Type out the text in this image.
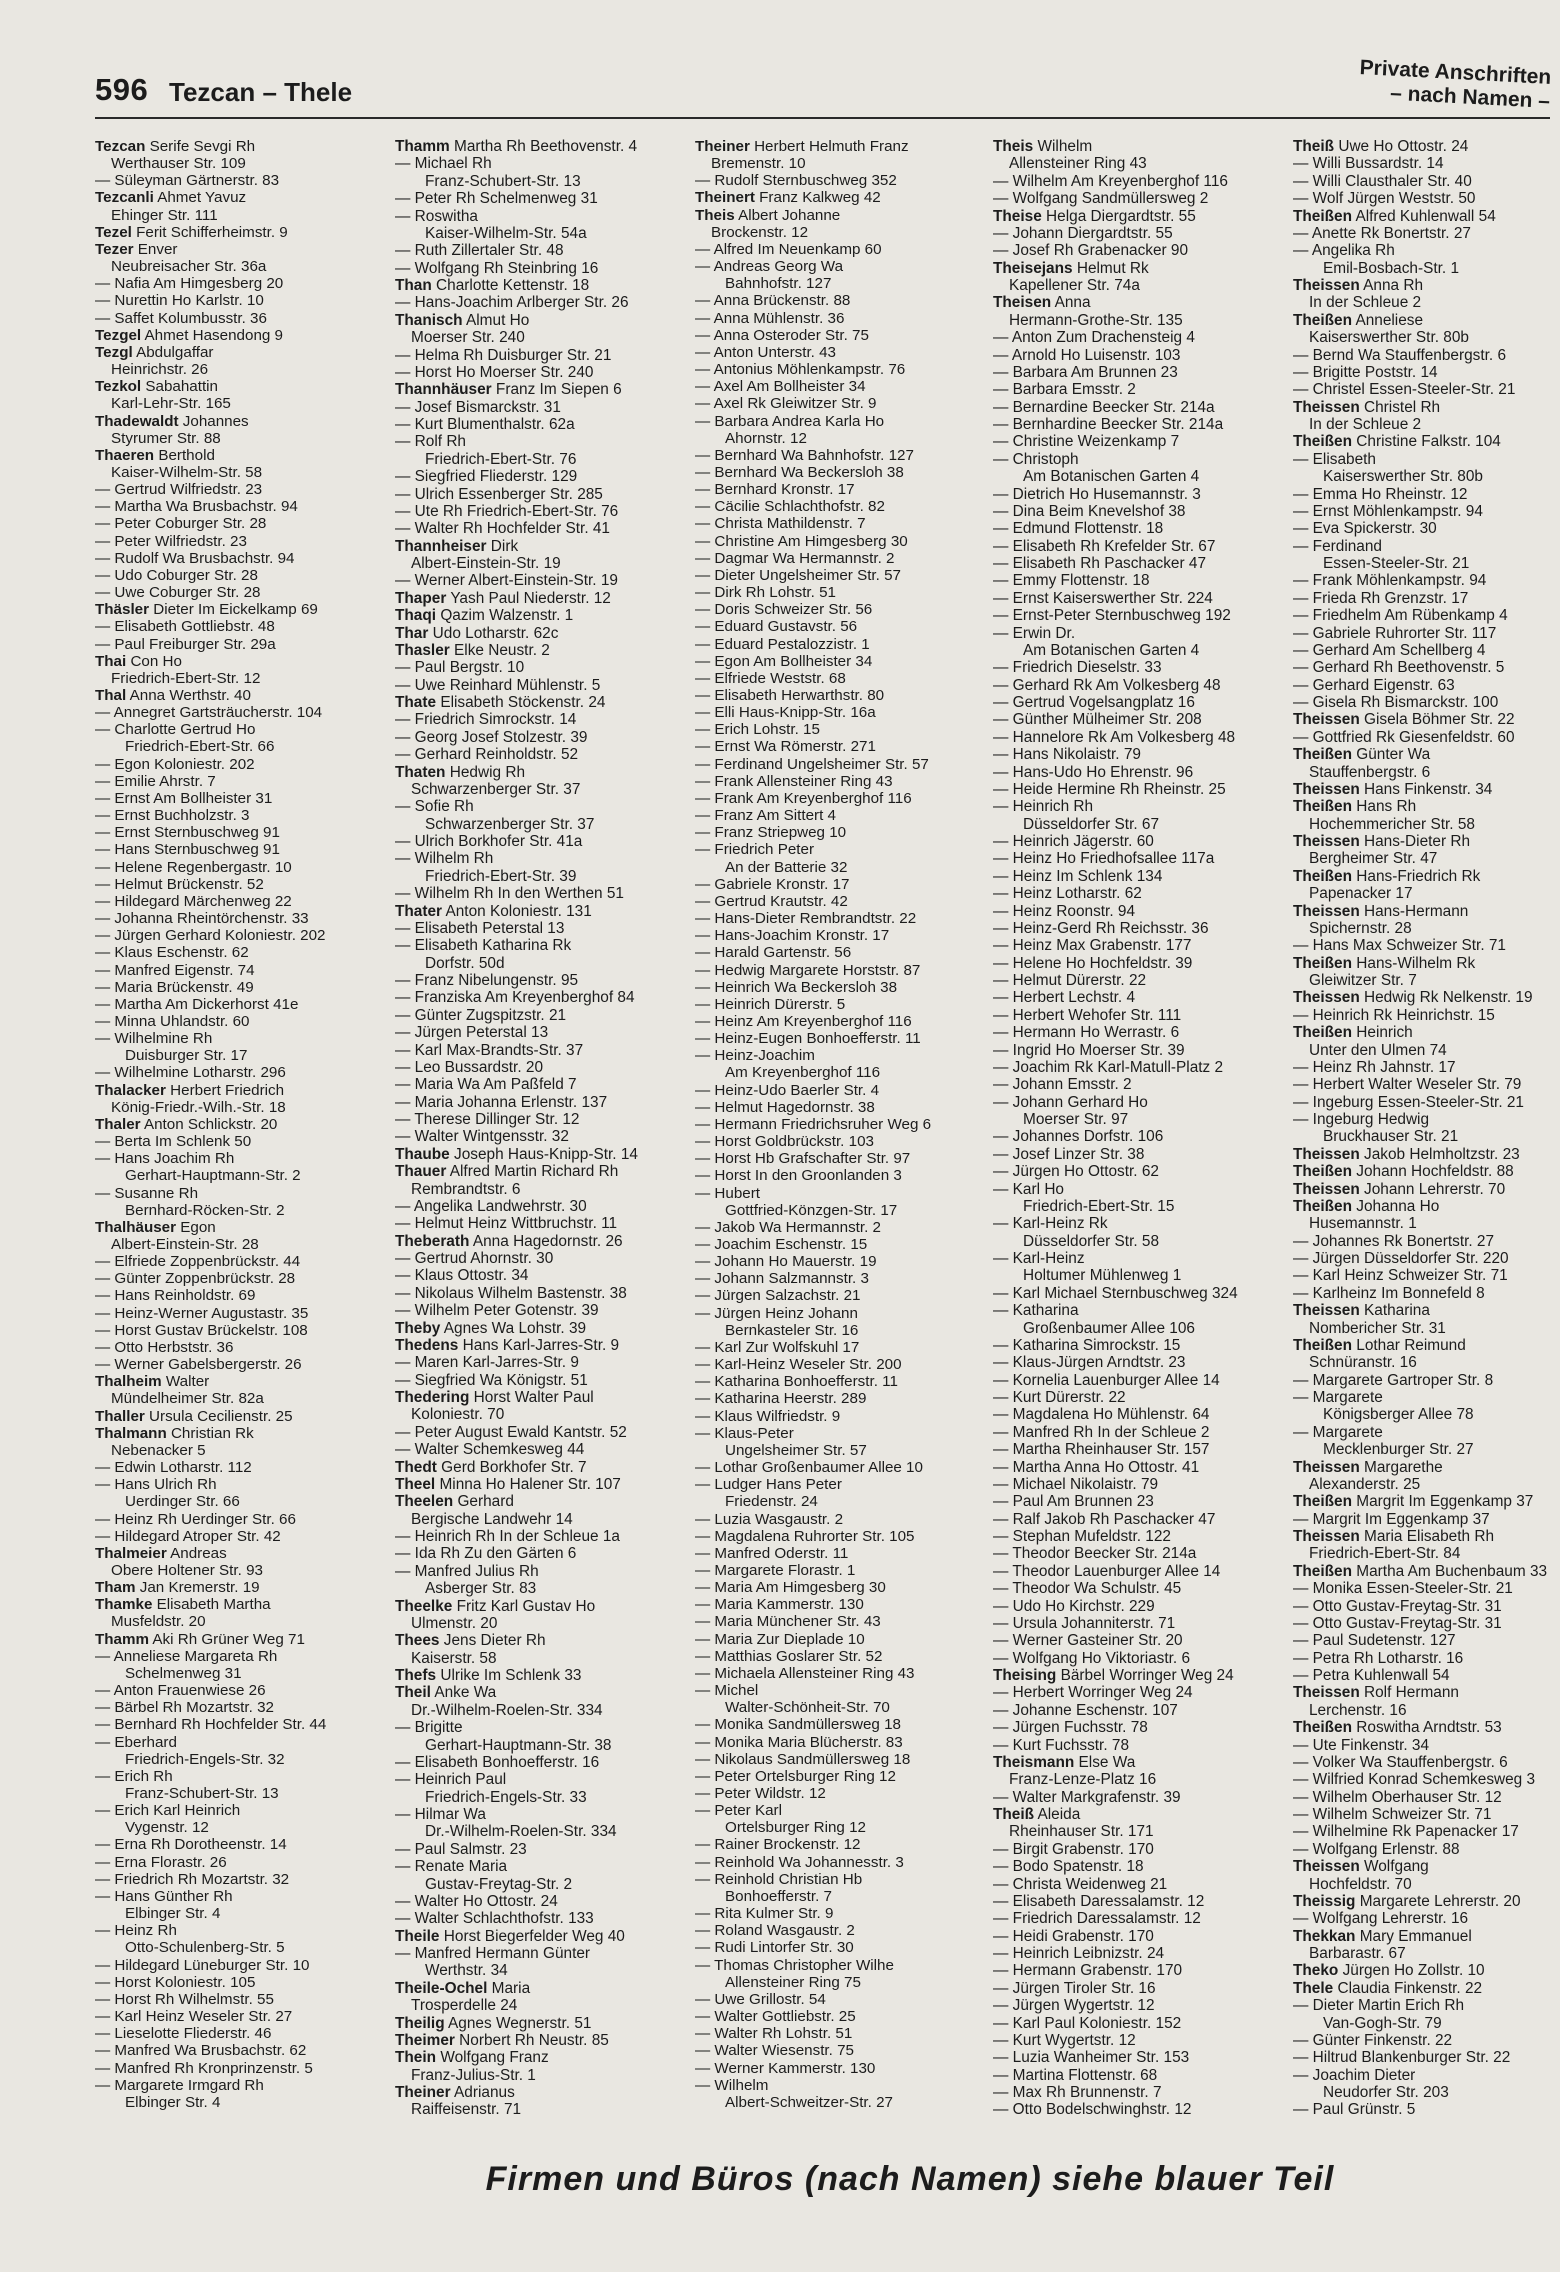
596 Tezcan – Thele
Private Anschriften
– nach Namen –
Tezcan Serife Sevgi Rh
Werthauser Str. 109
— Süleyman Gärtnerstr. 83
Tezcanli Ahmet Yavuz
Ehinger Str. 111
Tezel Ferit Schifferheimstr. 9
Tezer Enver
Neubreisacher Str. 36a
— Nafia Am Himgesberg 20
— Nurettin Ho Karlstr. 10
— Saffet Kolumbusstr. 36
Tezgel Ahmet Hasendong 9
Tezgl Abdulgaffar
Heinrichstr. 26
Tezkol Sabahattin
Karl-Lehr-Str. 165
Thadewaldt Johannes
Styrumer Str. 88
Thaeren Berthold
Kaiser-Wilhelm-Str. 58
— Gertrud Wilfriedstr. 23
— Martha Wa Brusbachstr. 94
— Peter Coburger Str. 28
— Peter Wilfriedstr. 23
— Rudolf Wa Brusbachstr. 94
— Udo Coburger Str. 28
— Uwe Coburger Str. 28
Thäsler Dieter Im Eickelkamp 69
— Elisabeth Gottliebstr. 48
— Paul Freiburger Str. 29a
Thai Con Ho
Friedrich-Ebert-Str. 12
Thal Anna Werthstr. 40
— Annegret Gartsträucherstr. 104
— Charlotte Gertrud Ho
Friedrich-Ebert-Str. 66
— Egon Koloniestr. 202
— Emilie Ahrstr. 7
— Ernst Am Bollheister 31
— Ernst Buchholzstr. 3
— Ernst Sternbuschweg 91
— Hans Sternbuschweg 91
— Helene Regenbergastr. 10
— Helmut Brückenstr. 52
— Hildegard Märchenweg 22
— Johanna Rheintörchenstr. 33
— Jürgen Gerhard Koloniestr. 202
— Klaus Eschenstr. 62
— Manfred Eigenstr. 74
— Maria Brückenstr. 49
— Martha Am Dickerhorst 41e
— Minna Uhlandstr. 60
— Wilhelmine Rh
Duisburger Str. 17
— Wilhelmine Lotharstr. 296
Thalacker Herbert Friedrich
König-Friedr.-Wilh.-Str. 18
Thaler Anton Schlickstr. 20
— Berta Im Schlenk 50
— Hans Joachim Rh
Gerhart-Hauptmann-Str. 2
— Susanne Rh
Bernhard-Röcken-Str. 2
Thalhäuser Egon
Albert-Einstein-Str. 28
— Elfriede Zoppenbrückstr. 44
— Günter Zoppenbrückstr. 28
— Hans Reinholdstr. 69
— Heinz-Werner Augustastr. 35
— Horst Gustav Brückelstr. 108
— Otto Herbststr. 36
— Werner Gabelsbergerstr. 26
Thalheim Walter
Mündelheimer Str. 82a
Thaller Ursula Cecilienstr. 25
Thalmann Christian Rk
Nebenacker 5
— Edwin Lotharstr. 112
— Hans Ulrich Rh
Uerdinger Str. 66
— Heinz Rh Uerdinger Str. 66
— Hildegard Atroper Str. 42
Thalmeier Andreas
Obere Holtener Str. 93
Tham Jan Kremerstr. 19
Thamke Elisabeth Martha
Musfeldstr. 20
Thamm Aki Rh Grüner Weg 71
— Anneliese Margareta Rh
Schelmenweg 31
— Anton Frauenwiese 26
— Bärbel Rh Mozartstr. 32
— Bernhard Rh Hochfelder Str. 44
— Eberhard
Friedrich-Engels-Str. 32
— Erich Rh
Franz-Schubert-Str. 13
— Erich Karl Heinrich
Vygenstr. 12
— Erna Rh Dorotheenstr. 14
— Erna Florastr. 26
— Friedrich Rh Mozartstr. 32
— Hans Günther Rh
Elbinger Str. 4
— Heinz Rh
Otto-Schulenberg-Str. 5
— Hildegard Lüneburger Str. 10
— Horst Koloniestr. 105
— Horst Rh Wilhelmstr. 55
— Karl Heinz Weseler Str. 27
— Lieselotte Fliederstr. 46
— Manfred Wa Brusbachstr. 62
— Manfred Rh Kronprinzenstr. 5
— Margarete Irmgard Rh
Elbinger Str. 4
Thamm Martha Rh Beethovenstr. 4
— Michael Rh
Franz-Schubert-Str. 13
— Peter Rh Schelmenweg 31
— Roswitha
Kaiser-Wilhelm-Str. 54a
— Ruth Zillertaler Str. 48
— Wolfgang Rh Steinbring 16
Than Charlotte Kettenstr. 18
— Hans-Joachim Arlberger Str. 26
Thanisch Almut Ho
Moerser Str. 240
— Helma Rh Duisburger Str. 21
— Horst Ho Moerser Str. 240
Thannhäuser Franz Im Siepen 6
— Josef Bismarckstr. 31
— Kurt Blumenthalstr. 62a
— Rolf Rh
Friedrich-Ebert-Str. 76
— Siegfried Fliederstr. 129
— Ulrich Essenberger Str. 285
— Ute Rh Friedrich-Ebert-Str. 76
— Walter Rh Hochfelder Str. 41
Thannheiser Dirk
Albert-Einstein-Str. 19
— Werner Albert-Einstein-Str. 19
Thaper Yash Paul Niederstr. 12
Thaqi Qazim Walzenstr. 1
Thar Udo Lotharstr. 62c
Thasler Elke Neustr. 2
— Paul Bergstr. 10
— Uwe Reinhard Mühlenstr. 5
Thate Elisabeth Stöckenstr. 24
— Friedrich Simrockstr. 14
— Georg Josef Stolzestr. 39
— Gerhard Reinholdstr. 52
Thaten Hedwig Rh
Schwarzenberger Str. 37
— Sofie Rh
Schwarzenberger Str. 37
— Ulrich Borkhofer Str. 41a
— Wilhelm Rh
Friedrich-Ebert-Str. 39
— Wilhelm Rh In den Werthen 51
Thater Anton Koloniestr. 131
— Elisabeth Peterstal 13
— Elisabeth Katharina Rk
Dorfstr. 50d
— Franz Nibelungenstr. 95
— Franziska Am Kreyenberghof 84
— Günter Zugspitzstr. 21
— Jürgen Peterstal 13
— Karl Max-Brandts-Str. 37
— Leo Bussardstr. 20
— Maria Wa Am Paßfeld 7
— Maria Johanna Erlenstr. 137
— Therese Dillinger Str. 12
— Walter Wintgensstr. 32
Thaube Joseph Haus-Knipp-Str. 14
Thauer Alfred Martin Richard Rh
Rembrandtstr. 6
— Angelika Landwehrstr. 30
— Helmut Heinz Wittbruchstr. 11
Theberath Anna Hagedornstr. 26
— Gertrud Ahornstr. 30
— Klaus Ottostr. 34
— Nikolaus Wilhelm Bastenstr. 38
— Wilhelm Peter Gotenstr. 39
Theby Agnes Wa Lohstr. 39
Thedens Hans Karl-Jarres-Str. 9
— Maren Karl-Jarres-Str. 9
— Siegfried Wa Königstr. 51
Thedering Horst Walter Paul
Koloniestr. 70
— Peter August Ewald Kantstr. 52
— Walter Schemkesweg 44
Thedt Gerd Borkhofer Str. 7
Theel Minna Ho Halener Str. 107
Theelen Gerhard
Bergische Landwehr 14
— Heinrich Rh In der Schleue 1a
— Ida Rh Zu den Gärten 6
— Manfred Julius Rh
Asberger Str. 83
Theelke Fritz Karl Gustav Ho
Ulmenstr. 20
Thees Jens Dieter Rh
Kaiserstr. 58
Thefs Ulrike Im Schlenk 33
Theil Anke Wa
Dr.-Wilhelm-Roelen-Str. 334
— Brigitte
Gerhart-Hauptmann-Str. 38
— Elisabeth Bonhoefferstr. 16
— Heinrich Paul
Friedrich-Engels-Str. 33
— Hilmar Wa
Dr.-Wilhelm-Roelen-Str. 334
— Paul Salmstr. 23
— Renate Maria
Gustav-Freytag-Str. 2
— Walter Ho Ottostr. 24
— Walter Schlachthofstr. 133
Theile Horst Biegerfelder Weg 40
— Manfred Hermann Günter
Werthstr. 34
Theile-Ochel Maria
Trosperdelle 24
Theilig Agnes Wegnerstr. 51
Theimer Norbert Rh Neustr. 85
Thein Wolfgang Franz
Franz-Julius-Str. 1
Theiner Adrianus
Raiffeisenstr. 71
Theiner Herbert Helmuth Franz
Bremenstr. 10
— Rudolf Sternbuschweg 352
Theinert Franz Kalkweg 42
Theis Albert Johanne
Brockenstr. 12
— Alfred Im Neuenkamp 60
— Andreas Georg Wa
Bahnhofstr. 127
— Anna Brückenstr. 88
— Anna Mühlenstr. 36
— Anna Osteroder Str. 75
— Anton Unterstr. 43
— Antonius Möhlenkampstr. 76
— Axel Am Bollheister 34
— Axel Rk Gleiwitzer Str. 9
— Barbara Andrea Karla Ho
Ahornstr. 12
— Bernhard Wa Bahnhofstr. 127
— Bernhard Wa Beckersloh 38
— Bernhard Kronstr. 17
— Cäcilie Schlachthofstr. 82
— Christa Mathildenstr. 7
— Christine Am Himgesberg 30
— Dagmar Wa Hermannstr. 2
— Dieter Ungelsheimer Str. 57
— Dirk Rh Lohstr. 51
— Doris Schweizer Str. 56
— Eduard Gustavstr. 56
— Eduard Pestalozzistr. 1
— Egon Am Bollheister 34
— Elfriede Weststr. 68
— Elisabeth Herwarthstr. 80
— Elli Haus-Knipp-Str. 16a
— Erich Lohstr. 15
— Ernst Wa Römerstr. 271
— Ferdinand Ungelsheimer Str. 57
— Frank Allensteiner Ring 43
— Frank Am Kreyenberghof 116
— Franz Am Sittert 4
— Franz Striepweg 10
— Friedrich Peter
An der Batterie 32
— Gabriele Kronstr. 17
— Gertrud Krautstr. 42
— Hans-Dieter Rembrandtstr. 22
— Hans-Joachim Kronstr. 17
— Harald Gartenstr. 56
— Hedwig Margarete Horststr. 87
— Heinrich Wa Beckersloh 38
— Heinrich Dürerstr. 5
— Heinz Am Kreyenberghof 116
— Heinz-Eugen Bonhoefferstr. 11
— Heinz-Joachim
Am Kreyenberghof 116
— Heinz-Udo Baerler Str. 4
— Helmut Hagedornstr. 38
— Hermann Friedrichsruher Weg 6
— Horst Goldbrückstr. 103
— Horst Hb Grafschafter Str. 97
— Horst In den Groonlanden 3
— Hubert
Gottfried-Könzgen-Str. 17
— Jakob Wa Hermannstr. 2
— Joachim Eschenstr. 15
— Johann Ho Mauerstr. 19
— Johann Salzmannstr. 3
— Jürgen Salzachstr. 21
— Jürgen Heinz Johann
Bernkasteler Str. 16
— Karl Zur Wolfskuhl 17
— Karl-Heinz Weseler Str. 200
— Katharina Bonhoefferstr. 11
— Katharina Heerstr. 289
— Klaus Wilfriedstr. 9
— Klaus-Peter
Ungelsheimer Str. 57
— Lothar Großenbaumer Allee 10
— Ludger Hans Peter
Friedenstr. 24
— Luzia Wasgaustr. 2
— Magdalena Ruhrorter Str. 105
— Manfred Oderstr. 11
— Margarete Florastr. 1
— Maria Am Himgesberg 30
— Maria Kammerstr. 130
— Maria Münchener Str. 43
— Maria Zur Dieplade 10
— Matthias Goslarer Str. 52
— Michaela Allensteiner Ring 43
— Michel
Walter-Schönheit-Str. 70
— Monika Sandmüllersweg 18
— Monika Maria Blücherstr. 83
— Nikolaus Sandmüllersweg 18
— Peter Ortelsburger Ring 12
— Peter Wildstr. 12
— Peter Karl
Ortelsburger Ring 12
— Rainer Brockenstr. 12
— Reinhold Wa Johannesstr. 3
— Reinhold Christian Hb
Bonhoefferstr. 7
— Rita Kulmer Str. 9
— Roland Wasgaustr. 2
— Rudi Lintorfer Str. 30
— Thomas Christopher Wilhe
Allensteiner Ring 75
— Uwe Grillostr. 54
— Walter Gottliebstr. 25
— Walter Rh Lohstr. 51
— Walter Wiesenstr. 75
— Werner Kammerstr. 130
— Wilhelm
Albert-Schweitzer-Str. 27
Theis Wilhelm
Allensteiner Ring 43
— Wilhelm Am Kreyenberghof 116
— Wolfgang Sandmüllersweg 2
Theise Helga Diergardtstr. 55
— Johann Diergardtstr. 55
— Josef Rh Grabenacker 90
Theisejans Helmut Rk
Kapellener Str. 74a
Theisen Anna
Hermann-Grothe-Str. 135
— Anton Zum Drachensteig 4
— Arnold Ho Luisenstr. 103
— Barbara Am Brunnen 23
— Barbara Emsstr. 2
— Bernardine Beecker Str. 214a
— Bernhardine Beecker Str. 214a
— Christine Weizenkamp 7
— Christoph
Am Botanischen Garten 4
— Dietrich Ho Husemannstr. 3
— Dina Beim Knevelshof 38
— Edmund Flottenstr. 18
— Elisabeth Rh Krefelder Str. 67
— Elisabeth Rh Paschacker 47
— Emmy Flottenstr. 18
— Ernst Kaiserswerther Str. 224
— Ernst-Peter Sternbuschweg 192
— Erwin Dr.
Am Botanischen Garten 4
— Friedrich Dieselstr. 33
— Gerhard Rk Am Volkesberg 48
— Gertrud Vogelsangplatz 16
— Günther Mülheimer Str. 208
— Hannelore Rk Am Volkesberg 48
— Hans Nikolaistr. 79
— Hans-Udo Ho Ehrenstr. 96
— Heide Hermine Rh Rheinstr. 25
— Heinrich Rh
Düsseldorfer Str. 67
— Heinrich Jägerstr. 60
— Heinz Ho Friedhofsallee 117a
— Heinz Im Schlenk 134
— Heinz Lotharstr. 62
— Heinz Roonstr. 94
— Heinz-Gerd Rh Reichsstr. 36
— Heinz Max Grabenstr. 177
— Helene Ho Hochfeldstr. 39
— Helmut Dürerstr. 22
— Herbert Lechstr. 4
— Herbert Wehofer Str. 111
— Hermann Ho Werrastr. 6
— Ingrid Ho Moerser Str. 39
— Joachim Rk Karl-Matull-Platz 2
— Johann Emsstr. 2
— Johann Gerhard Ho
Moerser Str. 97
— Johannes Dorfstr. 106
— Josef Linzer Str. 38
— Jürgen Ho Ottostr. 62
— Karl Ho
Friedrich-Ebert-Str. 15
— Karl-Heinz Rk
Düsseldorfer Str. 58
— Karl-Heinz
Holtumer Mühlenweg 1
— Karl Michael Sternbuschweg 324
— Katharina
Großenbaumer Allee 106
— Katharina Simrockstr. 15
— Klaus-Jürgen Arndtstr. 23
— Kornelia Lauenburger Allee 14
— Kurt Dürerstr. 22
— Magdalena Ho Mühlenstr. 64
— Manfred Rh In der Schleue 2
— Martha Rheinhauser Str. 157
— Martha Anna Ho Ottostr. 41
— Michael Nikolaistr. 79
— Paul Am Brunnen 23
— Ralf Jakob Rh Paschacker 47
— Stephan Mufeldstr. 122
— Theodor Beecker Str. 214a
— Theodor Lauenburger Allee 14
— Theodor Wa Schulstr. 45
— Udo Ho Kirchstr. 229
— Ursula Johanniterstr. 71
— Werner Gasteiner Str. 20
— Wolfgang Ho Viktoriastr. 6
Theising Bärbel Worringer Weg 24
— Herbert Worringer Weg 24
— Johanne Eschenstr. 107
— Jürgen Fuchsstr. 78
— Kurt Fuchsstr. 78
Theismann Else Wa
Franz-Lenze-Platz 16
— Walter Markgrafenstr. 39
Theiß Aleida
Rheinhauser Str. 171
— Birgit Grabenstr. 170
— Bodo Spatenstr. 18
— Christa Weidenweg 21
— Elisabeth Daressalamstr. 12
— Friedrich Daressalamstr. 12
— Heidi Grabenstr. 170
— Heinrich Leibnizstr. 24
— Hermann Grabenstr. 170
— Jürgen Tiroler Str. 16
— Jürgen Wygertstr. 12
— Karl Paul Koloniestr. 152
— Kurt Wygertstr. 12
— Luzia Wanheimer Str. 153
— Martina Flottenstr. 68
— Max Rh Brunnenstr. 7
— Otto Bodelschwinghstr. 12
Theiß Uwe Ho Ottostr. 24
— Willi Bussardstr. 14
— Willi Clausthaler Str. 40
— Wolf Jürgen Weststr. 50
Theißen Alfred Kuhlenwall 54
— Anette Rk Bonertstr. 27
— Angelika Rh
Emil-Bosbach-Str. 1
Theissen Anna Rh
In der Schleue 2
Theißen Anneliese
Kaiserswerther Str. 80b
— Bernd Wa Stauffenbergstr. 6
— Brigitte Poststr. 14
— Christel Essen-Steeler-Str. 21
Theissen Christel Rh
In der Schleue 2
Theißen Christine Falkstr. 104
— Elisabeth
Kaiserswerther Str. 80b
— Emma Ho Rheinstr. 12
— Ernst Möhlenkampstr. 94
— Eva Spickerstr. 30
— Ferdinand
Essen-Steeler-Str. 21
— Frank Möhlenkampstr. 94
— Frieda Rh Grenzstr. 17
— Friedhelm Am Rübenkamp 4
— Gabriele Ruhrorter Str. 117
— Gerhard Am Schellberg 4
— Gerhard Rh Beethovenstr. 5
— Gerhard Eigenstr. 63
— Gisela Rh Bismarckstr. 100
Theissen Gisela Böhmer Str. 22
— Gottfried Rk Giesenfeldstr. 60
Theißen Günter Wa
Stauffenbergstr. 6
Theissen Hans Finkenstr. 34
Theißen Hans Rh
Hochemmericher Str. 58
Theissen Hans-Dieter Rh
Bergheimer Str. 47
Theißen Hans-Friedrich Rk
Papenacker 17
Theissen Hans-Hermann
Spichernstr. 28
— Hans Max Schweizer Str. 71
Theißen Hans-Wilhelm Rk
Gleiwitzer Str. 7
Theissen Hedwig Rk Nelkenstr. 19
— Heinrich Rk Heinrichstr. 15
Theißen Heinrich
Unter den Ulmen 74
— Heinz Rh Jahnstr. 17
— Herbert Walter Weseler Str. 79
— Ingeburg Essen-Steeler-Str. 21
— Ingeburg Hedwig
Bruckhauser Str. 21
Theissen Jakob Helmholtzstr. 23
Theißen Johann Hochfeldstr. 88
Theissen Johann Lehrerstr. 70
Theißen Johanna Ho
Husemannstr. 1
— Johannes Rk Bonertstr. 27
— Jürgen Düsseldorfer Str. 220
— Karl Heinz Schweizer Str. 71
— Karlheinz Im Bonnefeld 8
Theissen Katharina
Nombericher Str. 31
Theißen Lothar Reimund
Schnüranstr. 16
— Margarete Gartroper Str. 8
— Margarete
Königsberger Allee 78
— Margarete
Mecklenburger Str. 27
Theissen Margarethe
Alexanderstr. 25
Theißen Margrit Im Eggenkamp 37
— Margrit Im Eggenkamp 37
Theissen Maria Elisabeth Rh
Friedrich-Ebert-Str. 84
Theißen Martha Am Buchenbaum 33
— Monika Essen-Steeler-Str. 21
— Otto Gustav-Freytag-Str. 31
— Otto Gustav-Freytag-Str. 31
— Paul Sudetenstr. 127
— Petra Rh Lotharstr. 16
— Petra Kuhlenwall 54
Theissen Rolf Hermann
Lerchenstr. 16
Theißen Roswitha Arndtstr. 53
— Ute Finkenstr. 34
— Volker Wa Stauffenbergstr. 6
— Wilfried Konrad Schemkesweg 3
— Wilhelm Oberhauser Str. 12
— Wilhelm Schweizer Str. 71
— Wilhelmine Rk Papenacker 17
— Wolfgang Erlenstr. 88
Theissen Wolfgang
Hochfeldstr. 70
Theissig Margarete Lehrerstr. 20
— Wolfgang Lehrerstr. 16
Thekkan Mary Emmanuel
Barbarastr. 67
Theko Jürgen Ho Zollstr. 10
Thele Claudia Finkenstr. 22
— Dieter Martin Erich Rh
Van-Gogh-Str. 79
— Günter Finkenstr. 22
— Hiltrud Blankenburger Str. 22
— Joachim Dieter
Neudorfer Str. 203
— Paul Grünstr. 5
Firmen und Büros (nach Namen) siehe blauer Teil
